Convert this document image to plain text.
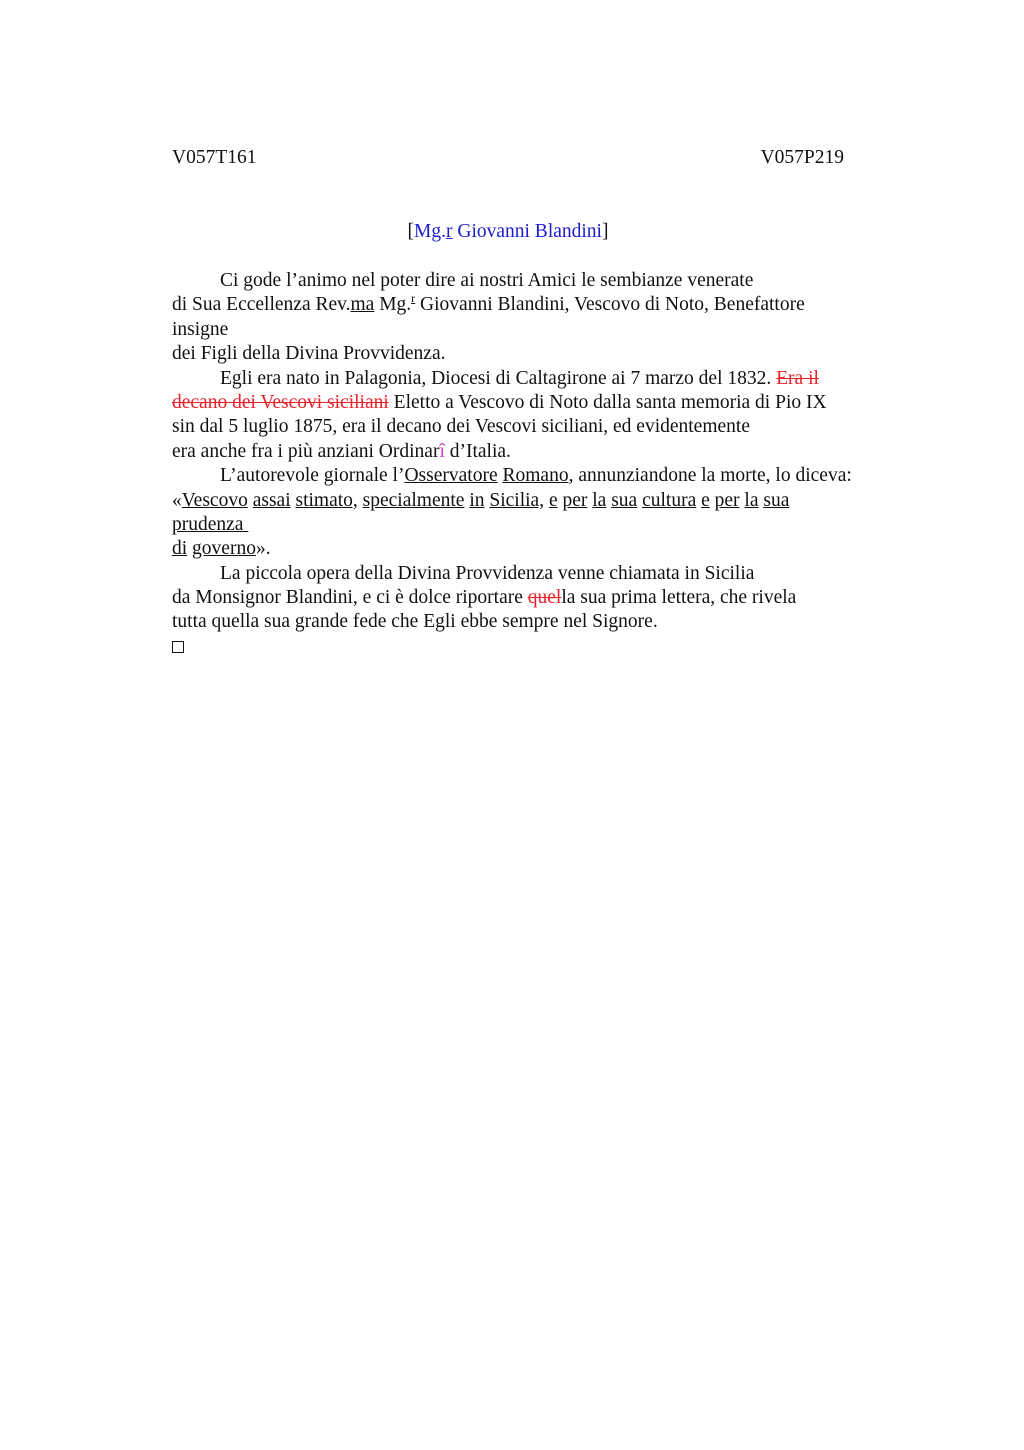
V057T161	V057P219
[Mg.r Giovanni Blandini]
Ci gode l’animo nel poter dire ai nostri Amici le sembianze venerate
di Sua Eccellenza Rev.ma Mg.$^r$ Giovanni Blandini, Vescovo di Noto, Benefattore
insigne
dei Figli della Divina Provvidenza.
Egli era nato in Palagonia, Diocesi di Caltagirone ai 7 marzo del 1832. Era il
decano dei Vescovi siciliani Eletto a Vescovo di Noto dalla santa memoria di Pio IX
sin dal 5 luglio 1875, era il decano dei Vescovi siciliani, ed evidentemente
era anche fra i più anziani Ordinarî d’Italia.
L’autorevole giornale l’Osservatore Romano, annunziandone la morte, lo diceva:
«Vescovo assai stimato, specialmente in Sicilia, e per la sua cultura e per la sua
prudenza
di governo».
La piccola opera della Divina Provvidenza venne chiamata in Sicilia
da Monsignor Blandini, e ci è dolce riportare quella sua prima lettera, che rivela
tutta quella sua grande fede che Egli ebbe sempre nel Signore.
